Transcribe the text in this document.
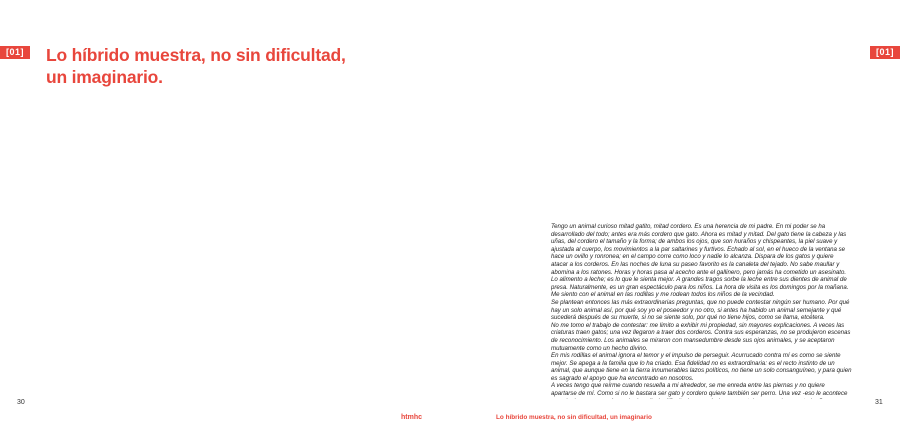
[01]	[01]
Lo híbrido muestra, no sin dificultad,
un imaginario.

Tengo un animal curioso mitad gatito, mitad cordero. Es una herencia de mi padre. En mi poder se ha desarrollado del todo; antes era más cordero que gato. Ahora es mitad y mitad. Del gato tiene la cabeza y las uñas, del cordero el tamaño y la forma; de ambos los ojos, que son huraños y chispeantes, la piel suave y ajustada al cuerpo, los movimientos a la par saltarines y furtivos. Echado al sol, en el hueco de la ventana se hace un ovillo y ronronea; en el campo corre como loco y nadie lo alcanza. Dispara de los gatos y quiere atacar a los corderos. En las noches de luna su paseo favorito es la canaleta del tejado. No sabe maullar y abomina a los ratones. Horas y horas pasa al acecho ante el gallinero, pero jamás ha cometido un asesinato.

Lo alimento a leche; es lo que le sienta mejor. A grandes tragos sorbe la leche entre sus dientes de animal de presa. Naturalmente, es un gran espectáculo para los niños. La hora de visita es los domingos por la mañana. Me siento con el animal en las rodillas y me rodean todos los niños de la vecindad.

Se plantean entonces las más extraordinarias preguntas, que no puede contestar ningún ser humano. Por qué hay un solo animal así, por qué soy yo el poseedor y no otro, si antes ha habido un animal semejante y qué sucederá después de su muerte, si no se siente solo, por qué no tiene hijos, como se llama, etcétera.

No me tomo el trabajo de contestar: me limito a exhibir mi propiedad, sin mayores explicaciones. A veces las criaturas traen gatos; una vez llegaron a traer dos corderos. Contra sus esperanzas, no se produjeron escenas de reconocimiento. Los animales se miraron con mansedumbre desde sus ojos animales, y se aceptaron mutuamente como un hecho divino.

En mis rodillas el animal ignora el temor y el impulso de perseguir. Acurrucado contra mí es como se siente mejor. Se apega a la familia que lo ha criado. Esa fidelidad no es extraordinaria: es el recto instinto de un animal, que aunque tiene en la tierra innumerables lazos políticos, no tiene un solo consanguíneo, y para quien es sagrado el apoyo que ha encontrado en nosotros.

A veces tengo que reírme cuando resuella a mi alrededor, se me enreda entre las piernas y no quiere apartarse de mí. Como si no le bastara ser gato y cordero quiere también ser perro. Una vez -eso le acontece

30	31
htmhc	Lo híbrido muestra, no sin dificultad, un imaginario
